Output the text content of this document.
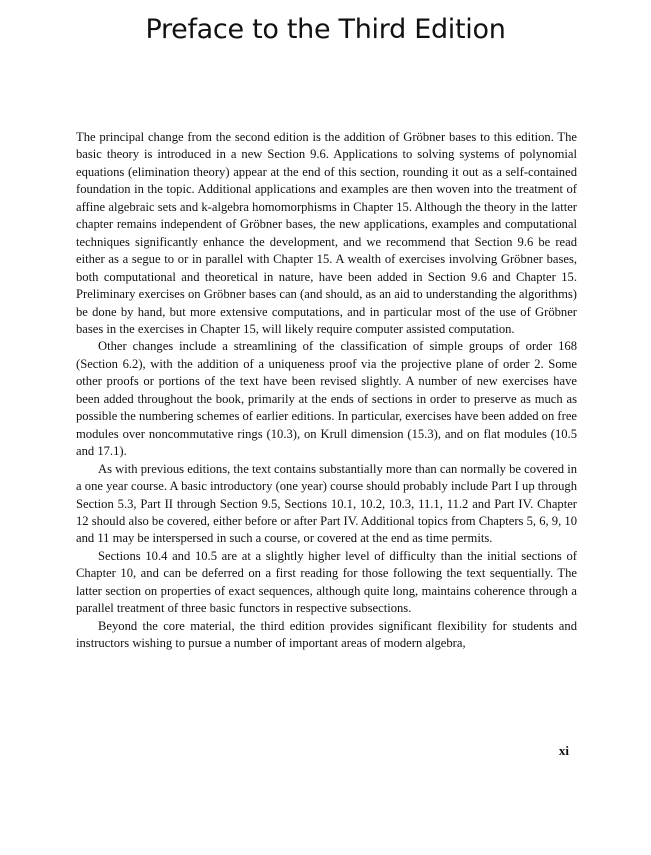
Preface to the Third Edition

The principal change from the second edition is the addition of Gröbner bases to this edition. The basic theory is introduced in a new Section 9.6. Applications to solving systems of polynomial equations (elimination theory) appear at the end of this section, rounding it out as a self-contained foundation in the topic. Additional applications and examples are then woven into the treatment of affine algebraic sets and k-algebra homomorphisms in Chapter 15. Although the theory in the latter chapter remains independent of Gröbner bases, the new applications, examples and computational techniques significantly enhance the development, and we recommend that Section 9.6 be read either as a segue to or in parallel with Chapter 15. A wealth of exercises involving Gröbner bases, both computational and theoretical in nature, have been added in Section 9.6 and Chapter 15. Preliminary exercises on Gröbner bases can (and should, as an aid to understanding the algorithms) be done by hand, but more extensive computations, and in particular most of the use of Gröbner bases in the exercises in Chapter 15, will likely require computer assisted computation.

Other changes include a streamlining of the classification of simple groups of order 168 (Section 6.2), with the addition of a uniqueness proof via the projective plane of order 2. Some other proofs or portions of the text have been revised slightly. A number of new exercises have been added throughout the book, primarily at the ends of sections in order to preserve as much as possible the numbering schemes of earlier editions. In particular, exercises have been added on free modules over noncommutative rings (10.3), on Krull dimension (15.3), and on flat modules (10.5 and 17.1).

As with previous editions, the text contains substantially more than can normally be covered in a one year course. A basic introductory (one year) course should probably include Part I up through Section 5.3, Part II through Section 9.5, Sections 10.1, 10.2, 10.3, 11.1, 11.2 and Part IV. Chapter 12 should also be covered, either before or after Part IV. Additional topics from Chapters 5, 6, 9, 10 and 11 may be interspersed in such a course, or covered at the end as time permits.

Sections 10.4 and 10.5 are at a slightly higher level of difficulty than the initial sections of Chapter 10, and can be deferred on a first reading for those following the text sequentially. The latter section on properties of exact sequences, although quite long, maintains coherence through a parallel treatment of three basic functors in respective subsections.

Beyond the core material, the third edition provides significant flexibility for students and instructors wishing to pursue a number of important areas of modern algebra,

xi
